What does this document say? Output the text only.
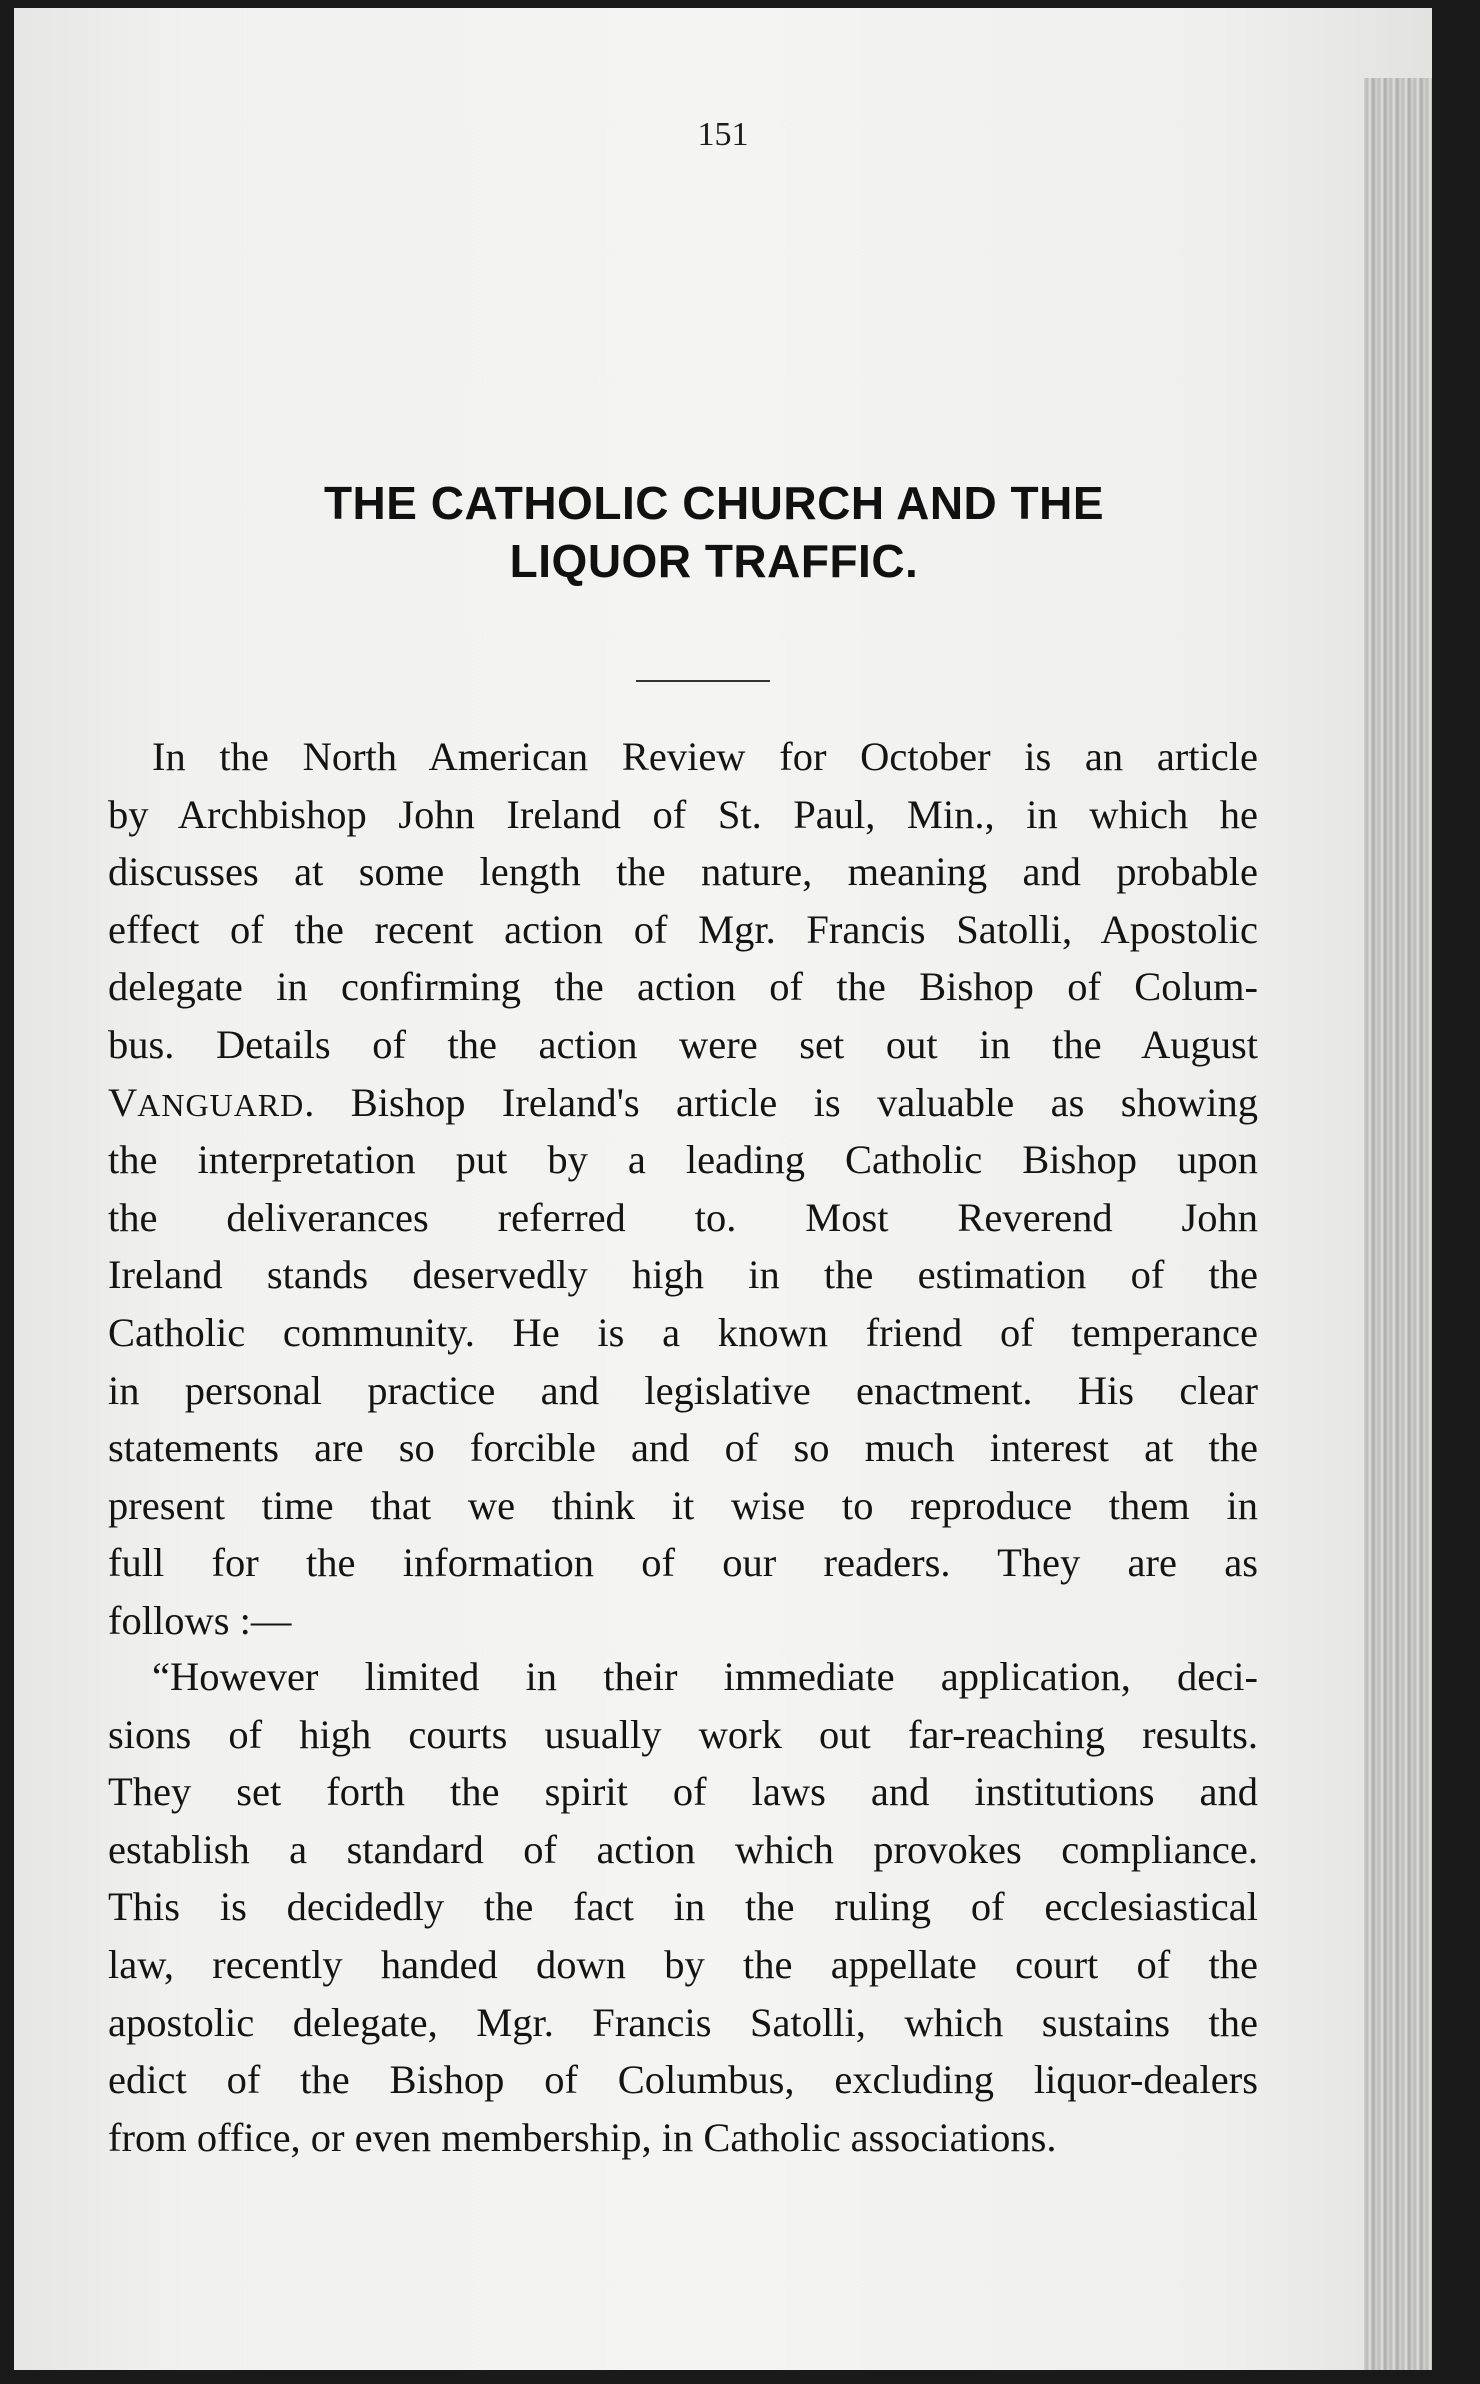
151
THE CATHOLIC CHURCH AND THE
LIQUOR TRAFFIC.
In the North American Review for October is an article
by Archbishop John Ireland of St. Paul, Min., in which he
discusses at some length the nature, meaning and probable
effect of the recent action of Mgr. Francis Satolli, Apostolic
delegate in confirming the action of the Bishop of Colum-
bus. Details of the action were set out in the August
VANGUARD. Bishop Ireland's article is valuable as showing
the interpretation put by a leading Catholic Bishop upon
the deliverances referred to. Most Reverend John
Ireland stands deservedly high in the estimation of the
Catholic community. He is a known friend of temperance
in personal practice and legislative enactment. His clear
statements are so forcible and of so much interest at the
present time that we think it wise to reproduce them in
full for the information of our readers. They are as
follows :—
“However limited in their immediate application, deci-
sions of high courts usually work out far-reaching results.
They set forth the spirit of laws and institutions and
establish a standard of action which provokes compliance.
This is decidedly the fact in the ruling of ecclesiastical
law, recently handed down by the appellate court of the
apostolic delegate, Mgr. Francis Satolli, which sustains the
edict of the Bishop of Columbus, excluding liquor-dealers
from office, or even membership, in Catholic associations.
